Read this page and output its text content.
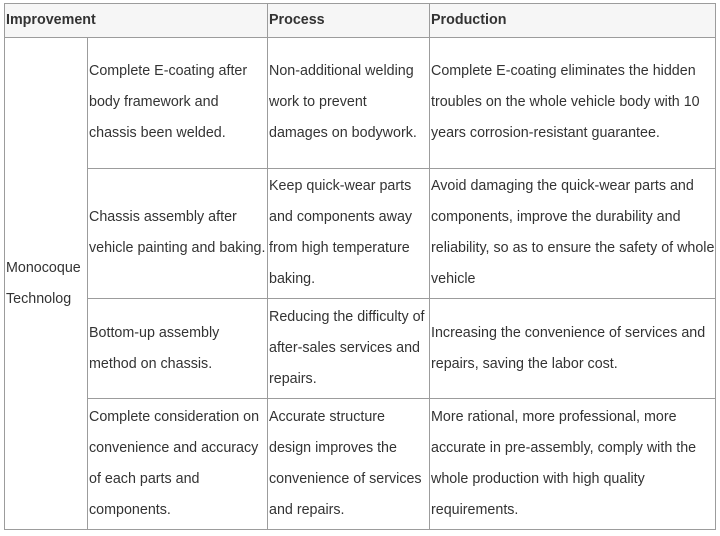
Improvement		Process	Production
Monocoque
Technolog	Complete E-coating after body framework and chassis been welded.	Non-additional welding work to prevent damages on bodywork.	Complete E-coating eliminates the hidden troubles on the whole vehicle body with 10 years corrosion-resistant guarantee.
	Chassis assembly after vehicle painting and baking.	Keep quick-wear parts and components away from high temperature baking.	Avoid damaging the quick-wear parts and components, improve the durability and reliability, so as to ensure the safety of whole vehicle
	Bottom-up assembly method on chassis.	Reducing the difficulty of after-sales services and repairs.	Increasing the convenience of services and repairs, saving the labor cost.
	Complete consideration on convenience and accuracy of each parts and components.	Accurate structure design improves the convenience of services and repairs.	More rational, more professional, more accurate in pre-assembly, comply with the whole production with high quality requirements.
